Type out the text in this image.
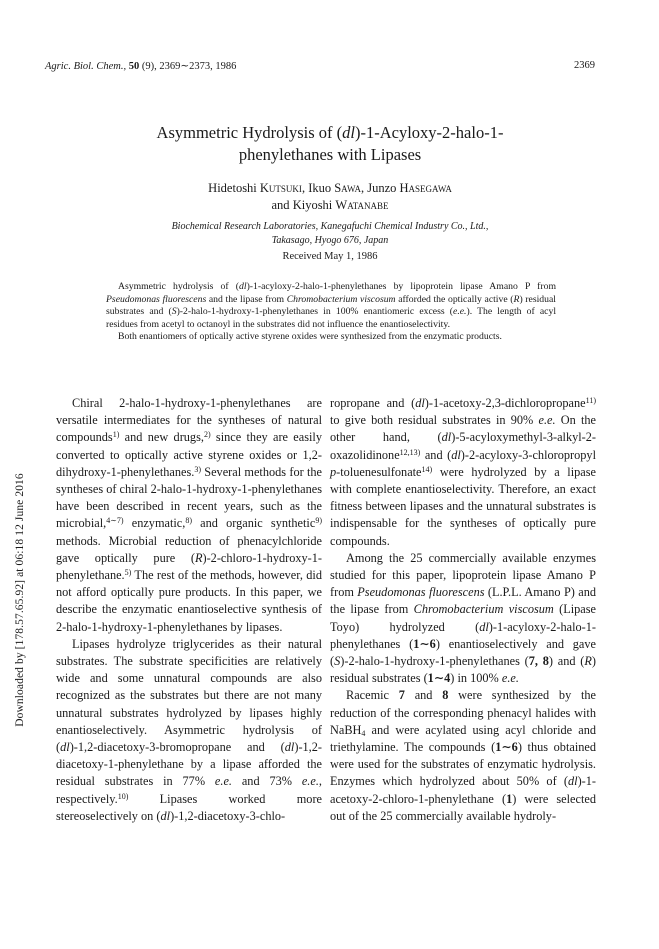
Agric. Biol. Chem., 50 (9), 2369∼2373, 1986	2369
Downloaded by [178.57.65.92] at 06:18 12 June 2016
Asymmetric Hydrolysis of (dl)-1-Acyloxy-2-halo-1-
phenylethanes with Lipases
Hidetoshi Kutsuki, Ikuo Sawa, Junzo Hasegawa
and Kiyoshi Watanabe
Biochemical Research Laboratories, Kanegafuchi Chemical Industry Co., Ltd.,
Takasago, Hyogo 676, Japan
Received May 1, 1986

Asymmetric hydrolysis of (dl)-1-acyloxy-2-halo-1-phenylethanes by lipoprotein lipase Amano P from Pseudomonas fluorescens and the lipase from Chromobacterium viscosum afforded the optically active (R) residual substrates and (S)-2-halo-1-hydroxy-1-phenylethanes in 100% enantiomeric excess (e.e.). The length of acyl residues from acetyl to octanoyl in the substrates did not influence the enantioselectivity.

Both enantiomers of optically active styrene oxides were synthesized from the enzymatic products.

Chiral 2-halo-1-hydroxy-1-phenylethanes are versatile intermediates for the syntheses of natural compounds$^{1)}$ and new drugs,$^{2)}$ since they are easily converted to optically active styrene oxides or 1,2-dihydroxy-1-phenylethanes.$^{3)}$ Several methods for the syntheses of chiral 2-halo-1-hydroxy-1-phenylethanes have been described in recent years, such as the microbial,$^{4\sim 7)}$ enzymatic,$^{8)}$ and organic synthetic$^{9)}$ methods. Microbial reduction of phenacylchloride gave optically pure (R)-2-chloro-1-hydroxy-1-phenylethane.$^{5)}$ The rest of the methods, however, did not afford optically pure products. In this paper, we describe the enzymatic enantioselective synthesis of 2-halo-1-hydroxy-1-phenylethanes by lipases.

Lipases hydrolyze triglycerides as their natural substrates. The substrate specificities are relatively wide and some unnatural compounds are also recognized as the substrates but there are not many unnatural substrates hydrolyzed by lipases highly enantioselectively. Asymmetric hydrolysis of (dl)-1,2-diacetoxy-3-bromopropane and (dl)-1,2-diacetoxy-1-phenylethane by a lipase afforded the residual substrates in 77% e.e. and 73% e.e., respectively.$^{10)}$ Lipases worked more stereoselectively on (dl)-1,2-diacetoxy-3-chlo-

ropropane and (dl)-1-acetoxy-2,3-dichloropropane$^{11)}$ to give both residual substrates in 90% e.e. On the other hand, (dl)-5-acyloxymethyl-3-alkyl-2-oxazolidinone$^{12,13)}$ and (dl)-2-acyloxy-3-chloropropyl p-toluenesulfonate$^{14)}$ were hydrolyzed by a lipase with complete enantioselectivity. Therefore, an exact fitness between lipases and the unnatural substrates is indispensable for the syntheses of optically pure compounds.

Among the 25 commercially available enzymes studied for this paper, lipoprotein lipase Amano P from Pseudomonas fluorescens (L.P.L. Amano P) and the lipase from Chromobacterium viscosum (Lipase Toyo) hydrolyzed (dl)-1-acyloxy-2-halo-1-phenylethanes (1∼6) enantioselectively and gave (S)-2-halo-1-hydroxy-1-phenylethanes (7, 8) and (R) residual substrates (1∼4) in 100% e.e.

Racemic 7 and 8 were synthesized by the reduction of the corresponding phenacyl halides with NaBH$_4$ and were acylated using acyl chloride and triethylamine. The compounds (1∼6) thus obtained were used for the substrates of enzymatic hydrolysis. Enzymes which hydrolyzed about 50% of (dl)-1-acetoxy-2-chloro-1-phenylethane (1) were selected out of the 25 commercially available hydroly-
